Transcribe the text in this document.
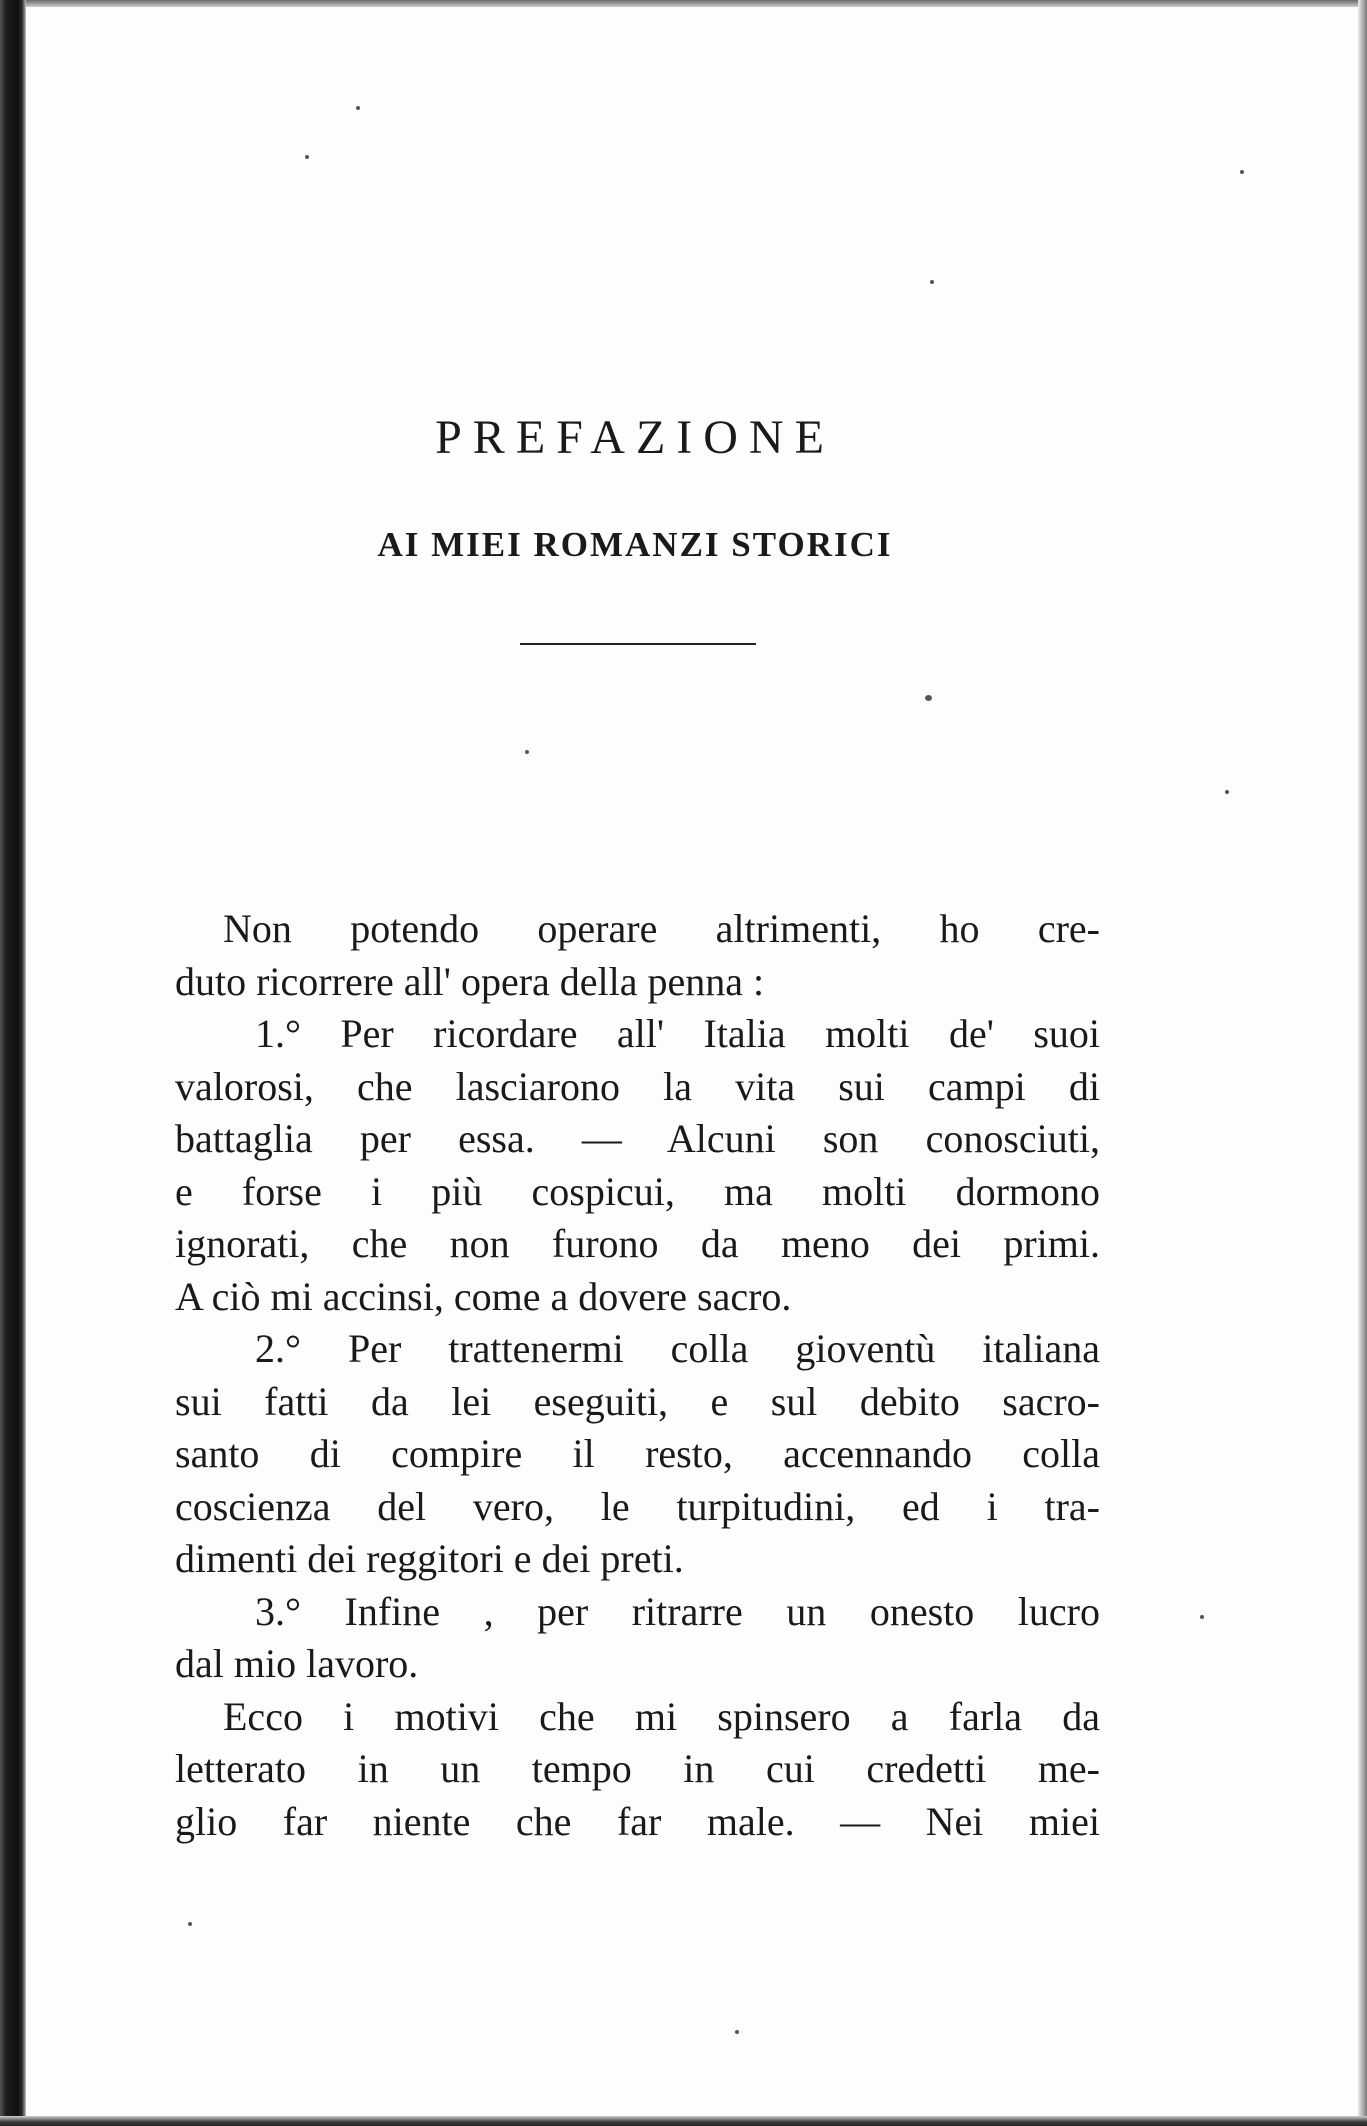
PREFAZIONE
AI MIEI ROMANZI STORICI

Non potendo operare altrimenti, ho cre-
duto ricorrere all' opera della penna :

1.° Per ricordare all' Italia molti de' suoi
valorosi, che lasciarono la vita sui campi di
battaglia per essa. — Alcuni son conosciuti,
e forse i più cospicui, ma molti dormono
ignorati, che non furono da meno dei primi.
A ciò mi accinsi, come a dovere sacro.

2.° Per trattenermi colla gioventù italiana
sui fatti da lei eseguiti, e sul debito sacro-
santo di compire il resto, accennando colla
coscienza del vero, le turpitudini, ed i tra-
dimenti dei reggitori e dei preti.

3.° Infine , per ritrarre un onesto lucro
dal mio lavoro.

Ecco i motivi che mi spinsero a farla da
letterato in un tempo in cui credetti me-
glio far niente che far male. — Nei miei
